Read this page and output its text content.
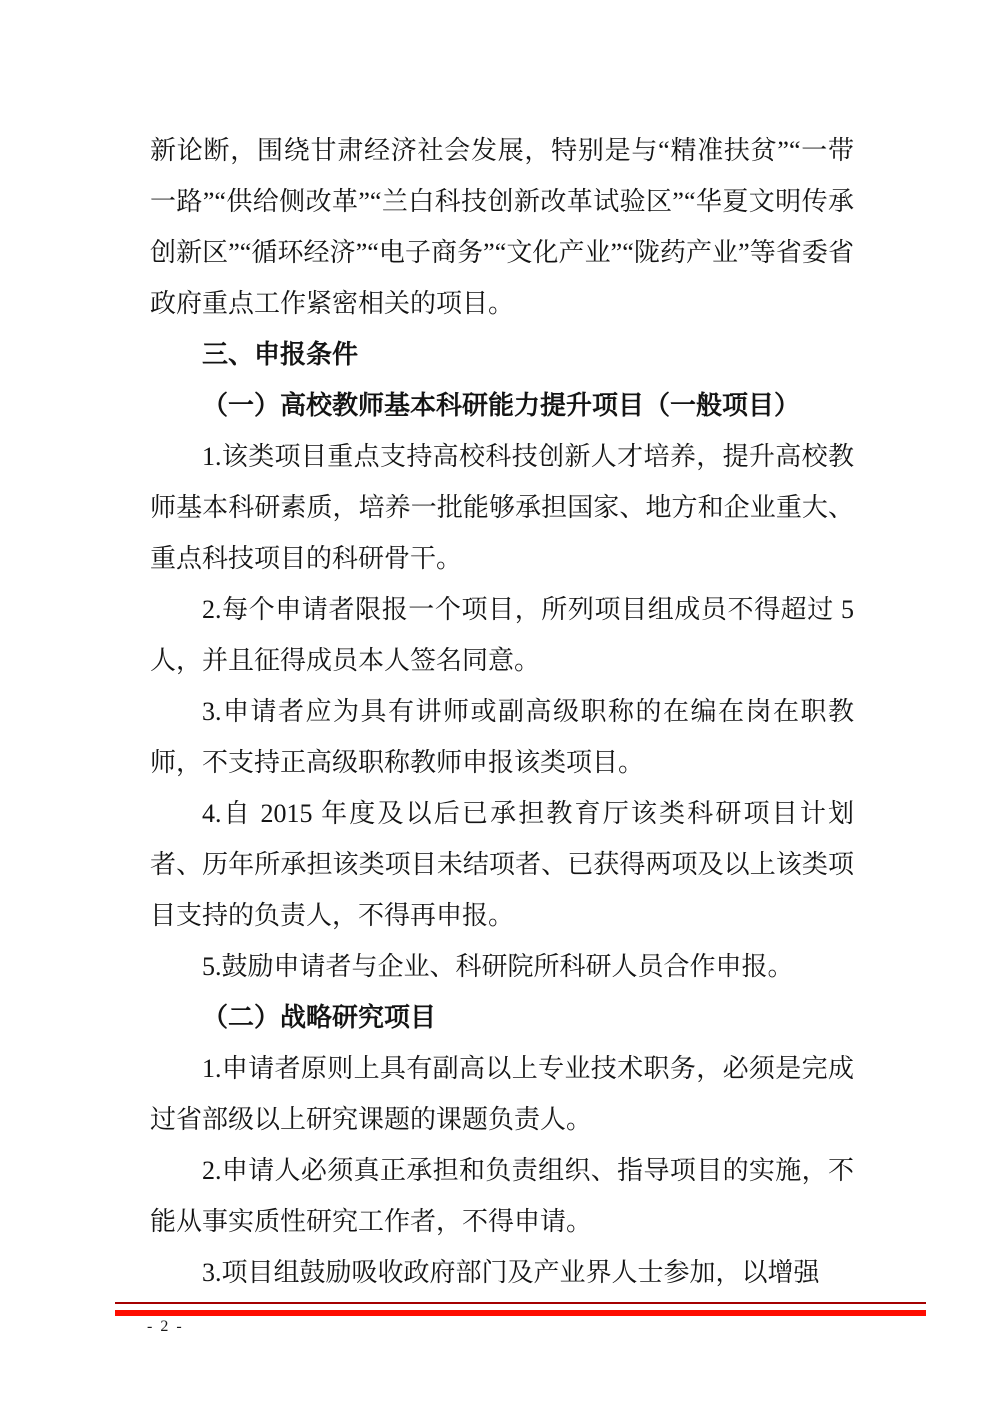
新论断，围绕甘肃经济社会发展，特别是与“精准扶贫”“一带一路”“供给侧改革”“兰白科技创新改革试验区”“华夏文明传承创新区”“循环经济”“电子商务”“文化产业”“陇药产业”等省委省政府重点工作紧密相关的项目。

三、申报条件

（一）高校教师基本科研能力提升项目（一般项目）

1.该类项目重点支持高校科技创新人才培养，提升高校教师基本科研素质，培养一批能够承担国家、地方和企业重大、重点科技项目的科研骨干。

2.每个申请者限报一个项目，所列项目组成员不得超过 5 人，并且征得成员本人签名同意。

3.申请者应为具有讲师或副高级职称的在编在岗在职教师，不支持正高级职称教师申报该类项目。

4.自 2015 年度及以后已承担教育厅该类科研项目计划者、历年所承担该类项目未结项者、已获得两项及以上该类项目支持的负责人，不得再申报。

5.鼓励申请者与企业、科研院所科研人员合作申报。

（二）战略研究项目

1.申请者原则上具有副高以上专业技术职务，必须是完成过省部级以上研究课题的课题负责人。

2.申请人必须真正承担和负责组织、指导项目的实施，不能从事实质性研究工作者，不得申请。

3.项目组鼓励吸收政府部门及产业界人士参加，以增强

- 2 -
